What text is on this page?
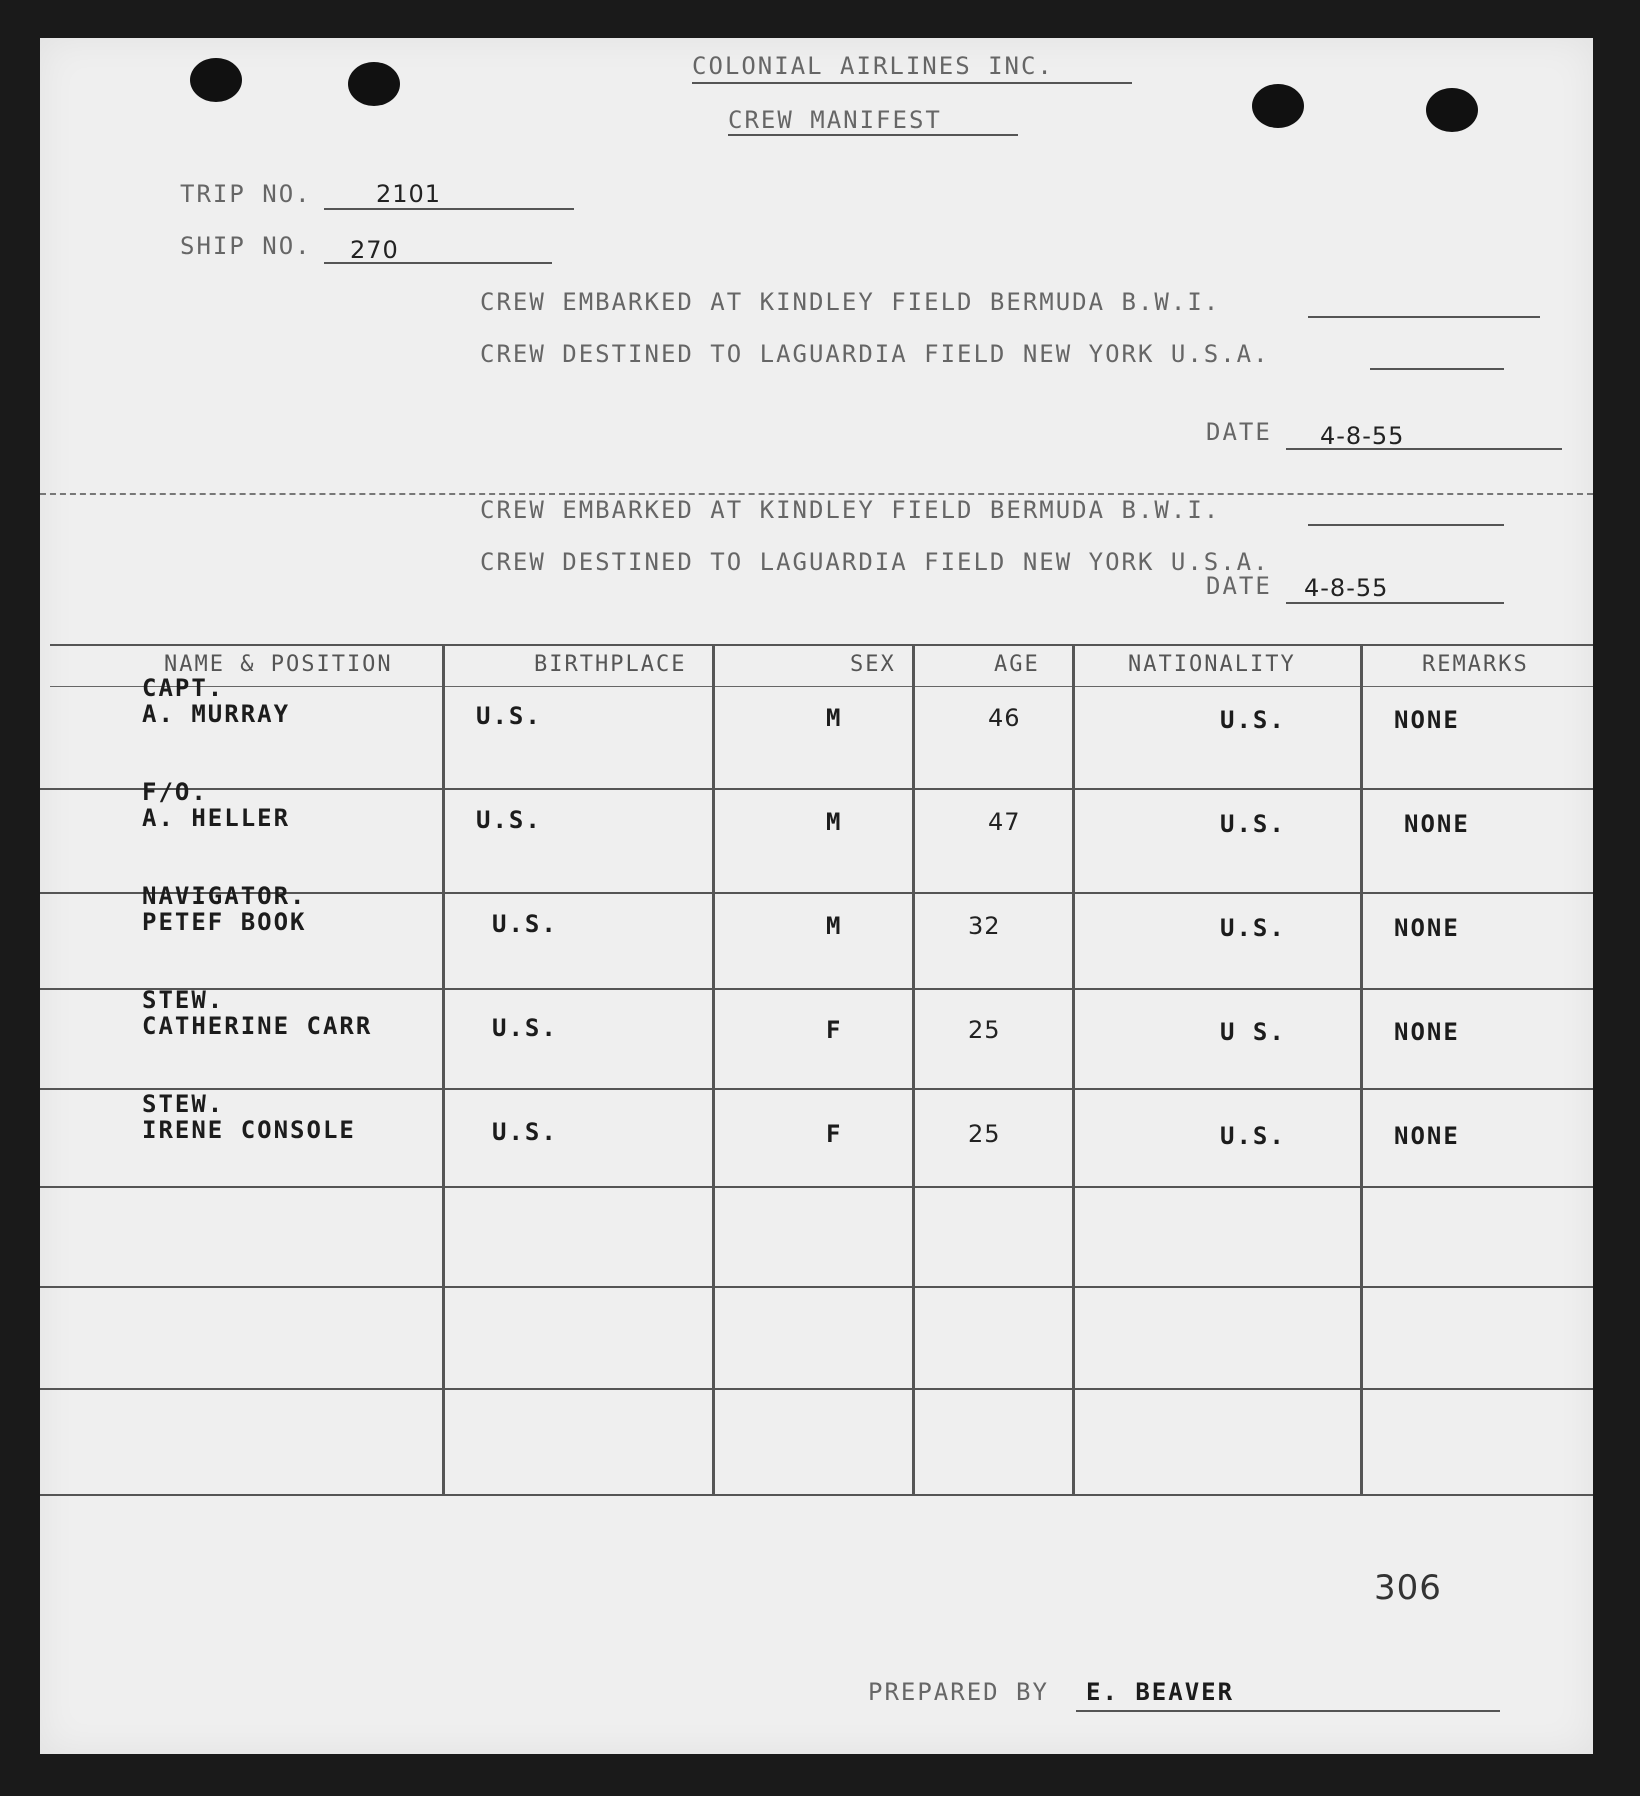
COLONIAL AIRLINES INC.
CREW MANIFEST
TRIP NO.	2101
SHIP NO. 270
CREW EMBARKED AT KINDLEY FIELD BERMUDA B.W.I.
CREW DESTINED TO LAGUARDIA FIELD NEW YORK U.S.A.
DATE 4-8-55
CREW EMBARKED AT KINDLEY FIELD BERMUDA B.W.I.
CREW DESTINED TO LAGUARDIA FIELD NEW YORK U.S.A.
DATE 4-8-55
NAME & POSITION	BIRTHPLACE	SEX	AGE	NATIONALITY	REMARKS
CAPT.
A. MURRAY	U.S.	M	46	U.S.	NONE
F/O.
A. HELLER	U.S.	M	47	U.S.	NONE
NAVIGATOR.
PETEF BOOK	U.S.	M	32	U.S.	NONE
STEW.
CATHERINE CARR	U.S.	F	25	U S.	NONE
STEW.
IRENE CONSOLE	U.S.	F	25	U.S.	NONE
306
PREPARED BY E. BEAVER
